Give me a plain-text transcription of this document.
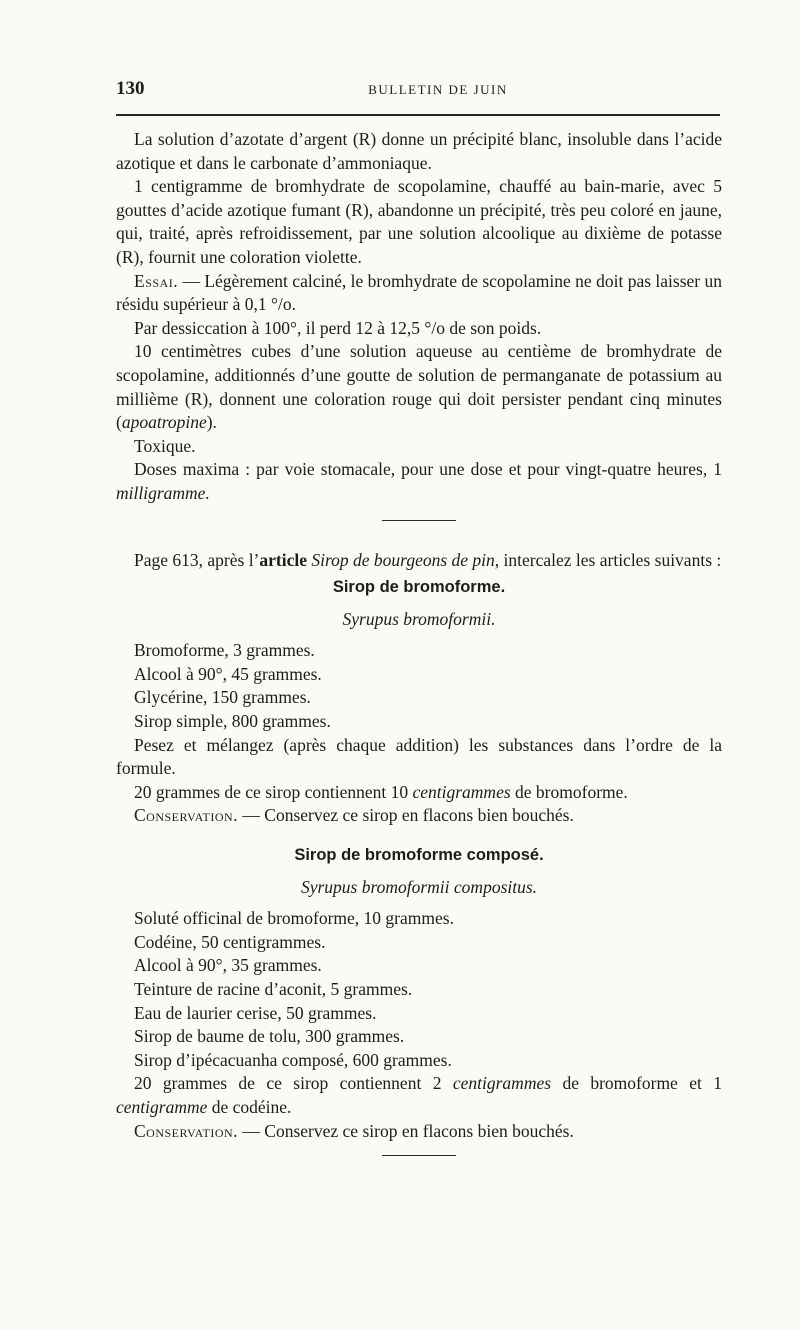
130	BULLETIN DE JUIN

La solution d’azotate d’argent (R) donne un précipité blanc, insoluble dans l’acide azotique et dans le carbonate d’ammoniaque.

1 centigramme de bromhydrate de scopolamine, chauffé au bain-marie, avec 5 gouttes d’acide azotique fumant (R), abandonne un précipité, très peu coloré en jaune, qui, traité, après refroidissement, par une solution alcoolique au dixième de potasse (R), fournit une coloration violette.

Essai. — Légèrement calciné, le bromhydrate de scopolamine ne doit pas laisser un résidu supérieur à 0,1 °/o.

Par dessiccation à 100°, il perd 12 à 12,5 °/o de son poids.

10 centimètres cubes d’une solution aqueuse au centième de bromhydrate de scopolamine, additionnés d’une goutte de solution de permanganate de potassium au millième (R), donnent une coloration rouge qui doit persister pendant cinq minutes (apoatropine).

Toxique.

Doses maxima : par voie stomacale, pour une dose et pour vingt-quatre heures, 1 milligramme.

Page 613, après l’article Sirop de bourgeons de pin, intercalez les articles suivants :

Sirop de bromoforme.

Syrupus bromoformii.

Bromoforme, 3 grammes.

Alcool à 90°, 45 grammes.

Glycérine, 150 grammes.

Sirop simple, 800 grammes.

Pesez et mélangez (après chaque addition) les substances dans l’ordre de la formule.

20 grammes de ce sirop contiennent 10 centigrammes de bromoforme.

Conservation. — Conservez ce sirop en flacons bien bouchés.

Sirop de bromoforme composé.

Syrupus bromoformii compositus.

Soluté officinal de bromoforme, 10 grammes.

Codéine, 50 centigrammes.

Alcool à 90°, 35 grammes.

Teinture de racine d’aconit, 5 grammes.

Eau de laurier cerise, 50 grammes.

Sirop de baume de tolu, 300 grammes.

Sirop d’ipécacuanha composé, 600 grammes.

20 grammes de ce sirop contiennent 2 centigrammes de bromoforme et 1 centigramme de codéine.

Conservation. — Conservez ce sirop en flacons bien bouchés.
